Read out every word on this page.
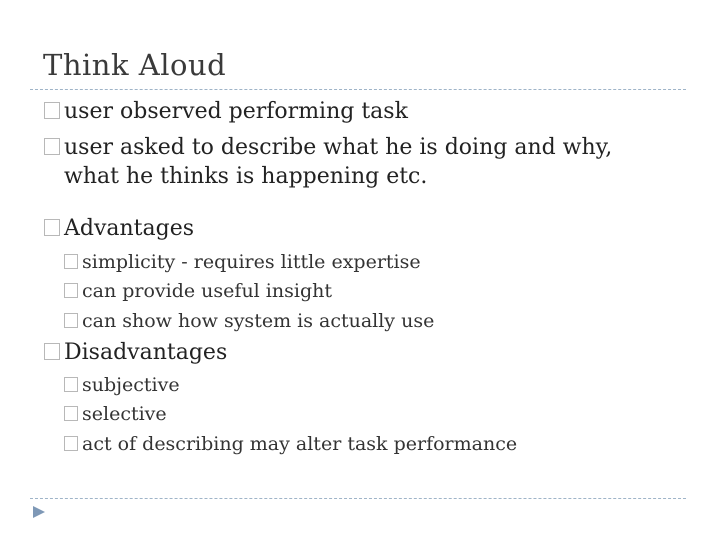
Think Aloud
user observed performing task
user asked to describe what he is doing and why,
what he thinks is happening etc.
Advantages
simplicity - requires little expertise
can provide useful insight
can show how system is actually use
Disadvantages
subjective
selective
act of describing may alter task performance
